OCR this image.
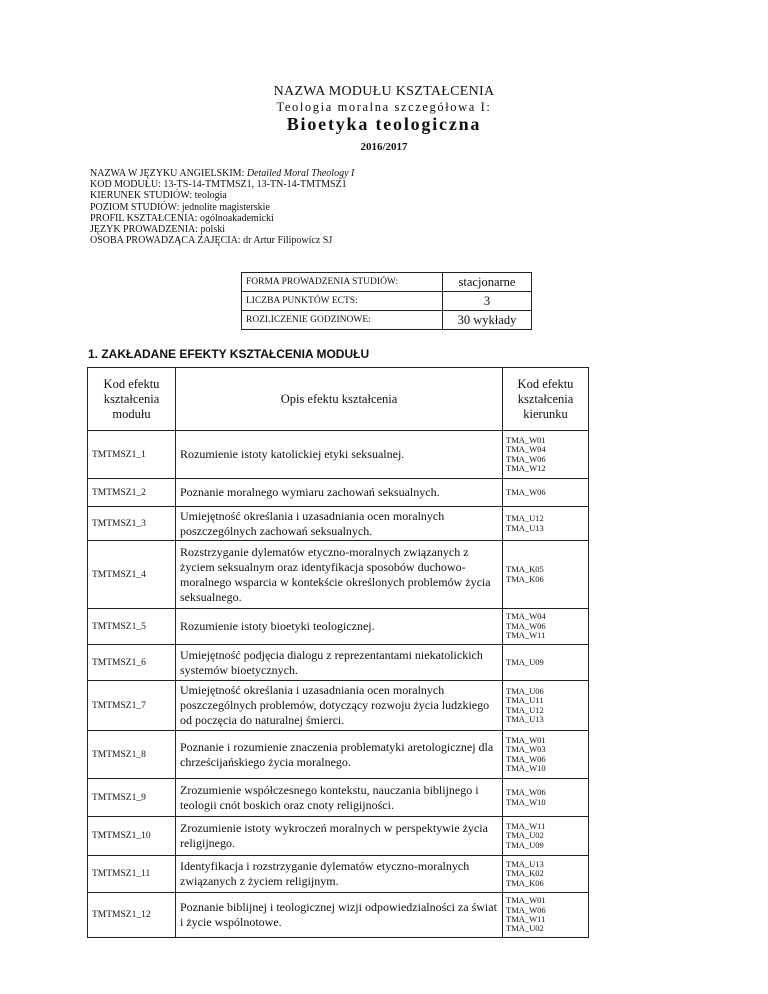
NAZWA MODUŁU KSZTAŁCENIA
Teologia moralna szczegółowa I:
Bioetyka teologiczna
2016/2017
NAZWA W JĘZYKU ANGIELSKIM: Detailed Moral Theology I
KOD MODUŁU: 13-TS-14-TMTMSZ1, 13-TN-14-TMTMSZ1
KIERUNEK STUDIÓW: teologia
POZIOM STUDIÓW: jednolite magisterskie
PROFIL KSZTAŁCENIA: ogólnoakademicki
JĘZYK PROWADZENIA: polski
OSOBA PROWADZĄCA ZAJĘCIA: dr Artur Filipowicz SJ
FORMA PROWADZENIA STUDIÓW:	stacjonarne
LICZBA PUNKTÓW ECTS:	3
ROZLICZENIE GODZINOWE:	30 wykłady
1. ZAKŁADANE EFEKTY KSZTAŁCENIA MODUŁU
Kod efektu kształcenia modułu	Opis efektu kształcenia	Kod efektu kształcenia kierunku
TMTMSZ1_1	Rozumienie istoty katolickiej etyki seksualnej.	TMA_W01
TMA_W04
TMA_W06
TMA_W12

TMTMSZ1_2	Poznanie moralnego wymiaru zachowań seksualnych.	TMA_W06

TMTMSZ1_3	Umiejętność określania i uzasadniania ocen moralnych poszczególnych zachowań seksualnych.	TMA_U12
TMA_U13

TMTMSZ1_4	Rozstrzyganie dylematów etyczno-moralnych związanych z życiem seksualnym oraz identyfikacja sposobów duchowo-moralnego wsparcia w kontekście określonych problemów życia seksualnego.	TMA_K05
TMA_K06

TMTMSZ1_5	Rozumienie istoty bioetyki teologicznej.	TMA_W04
TMA_W06
TMA_W11

TMTMSZ1_6	Umiejętność podjęcia dialogu z reprezentantami niekatolickich systemów bioetycznych.	TMA_U09

TMTMSZ1_7	Umiejętność określania i uzasadniania ocen moralnych poszczególnych problemów, dotyczący rozwoju życia ludzkiego od poczęcia do naturalnej śmierci.	TMA_U06
TMA_U11
TMA_U12
TMA_U13

TMTMSZ1_8	Poznanie i rozumienie znaczenia problematyki aretologicznej dla chrześcijańskiego życia moralnego.	TMA_W01
TMA_W03
TMA_W06
TMA_W10

TMTMSZ1_9	Zrozumienie współczesnego kontekstu, nauczania biblijnego i teologii cnót boskich oraz cnoty religijności.	TMA_W06
TMA_W10

TMTMSZ1_10	Zrozumienie istoty wykroczeń moralnych w perspektywie życia religijnego.	TMA_W11
TMA_U02
TMA_U09

TMTMSZ1_11	Identyfikacja i rozstrzyganie dylematów etyczno-moralnych związanych z życiem religijnym.	TMA_U13
TMA_K02
TMA_K06

TMTMSZ1_12	Poznanie biblijnej i teologicznej wizji odpowiedzialności za świat i życie wspólnotowe.	TMA_W01
TMA_W06
TMA_W11
TMA_U02
